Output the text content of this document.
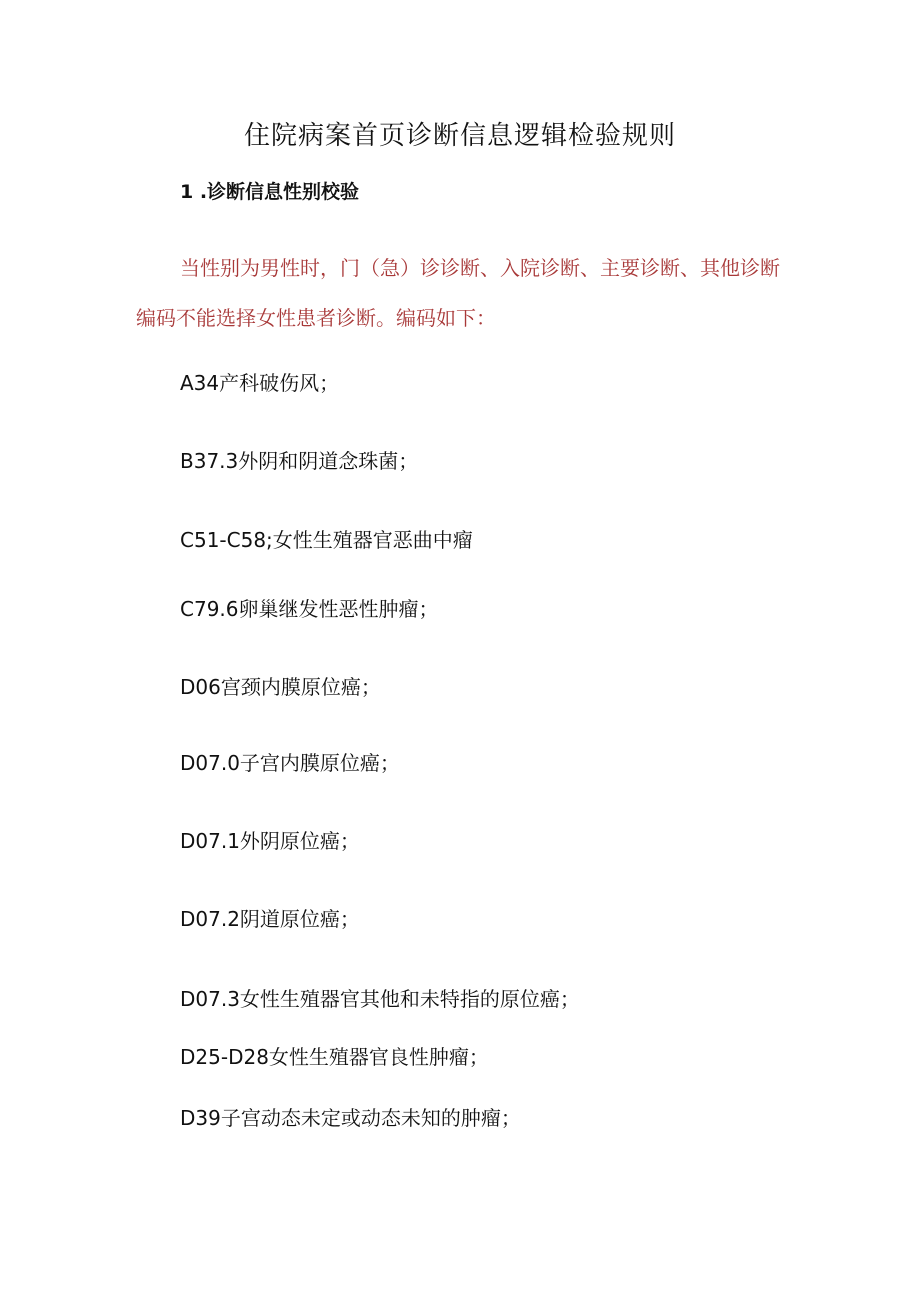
住院病案首页诊断信息逻辑检验规则
1 .诊断信息性别校验
当性别为男性时，门（急）诊诊断、入院诊断、主要诊断、其他诊断
编码不能选择女性患者诊断。编码如下：
A34产科破伤风；
B37.3外阴和阴道念珠菌；
C51-C58;女性生殖器官恶曲中瘤
C79.6卵巢继发性恶性肿瘤；
D06宫颈内膜原位癌；
D07.0子宫内膜原位癌；
D07.1外阴原位癌；
D07.2阴道原位癌；
D07.3女性生殖器官其他和未特指的原位癌；
D25-D28女性生殖器官良性肿瘤；
D39子宫动态未定或动态未知的肿瘤；
